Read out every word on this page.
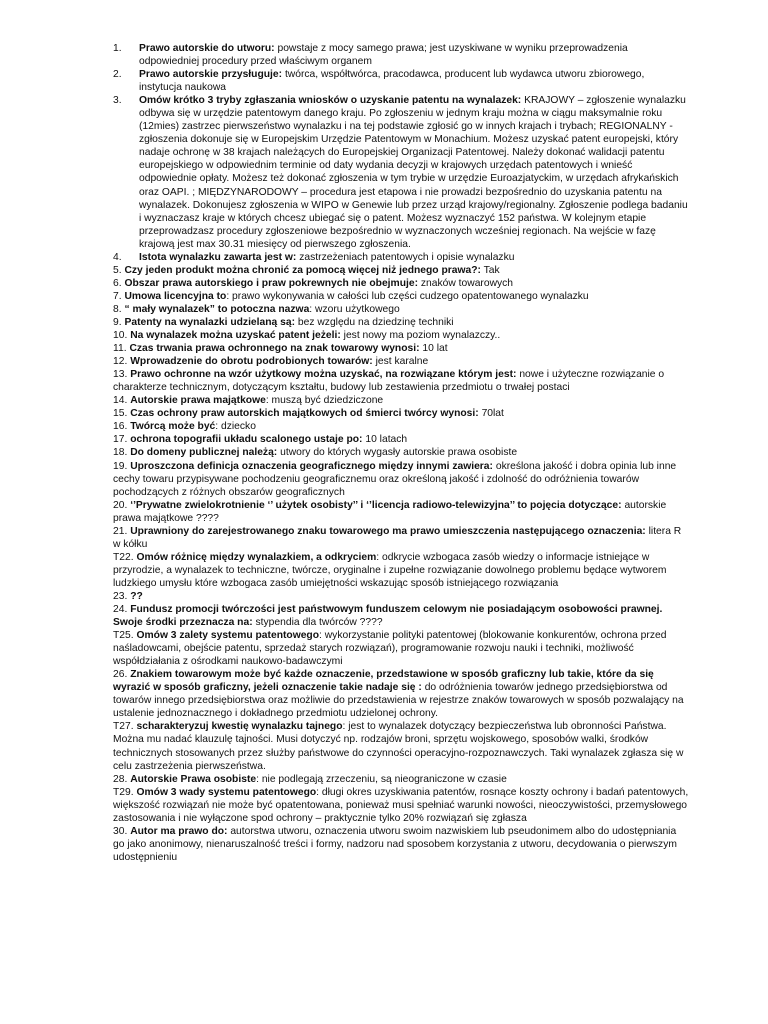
1. Prawo autorskie do utworu: powstaje z mocy samego prawa; jest uzyskiwane w wyniku przeprowadzenia odpowiedniej procedury przed właściwym organem

2. Prawo autorskie przysługuje: twórca, współtwórca, pracodawca, producent lub wydawca utworu zbiorowego, instytucja naukowa

3. Omów krótko 3 tryby zgłaszania wniosków o uzyskanie patentu na wynalazek: KRAJOWY – zgłoszenie wynalazku odbywa się w urzędzie patentowym danego kraju. Po zgłoszeniu w jednym kraju można w ciągu maksymalnie roku (12mies) zastrzec pierwszeństwo wynalazku i na tej podstawie zgłosić go w innych krajach i trybach; REGIONALNY - zgłoszenia dokonuje się w Europejskim Urzędzie Patentowym w Monachium. Możesz uzyskać patent europejski, który nadaje ochronę w 38 krajach należących do Europejskiej Organizacji Patentowej. Należy dokonać walidacji patentu europejskiego w odpowiednim terminie od daty wydania decyzji w krajowych urzędach patentowych i wnieść odpowiednie opłaty. Możesz też dokonać zgłoszenia w tym trybie w urzędzie Euroazjatyckim, w urzędach afrykańskich oraz OAPI. ; MIĘDZYNARODOWY – procedura jest etapowa i nie prowadzi bezpośrednio do uzyskania patentu na wynalazek. Dokonujesz zgłoszenia w WIPO w Genewie lub przez urząd krajowy/regionalny. Zgłoszenie podlega badaniu i wyznaczasz kraje w których chcesz ubiegać się o patent. Możesz wyznaczyć 152 państwa. W kolejnym etapie przeprowadzasz procedury zgłoszeniowe bezpośrednio w wyznaczonych wcześniej regionach. Na wejście w fazę krajową jest max 30.31 miesięcy od pierwszego zgłoszenia.

4. Istota wynalazku zawarta jest w: zastrzeżeniach patentowych i opisie wynalazku

5. Czy jeden produkt można chronić za pomocą więcej niż jednego prawa?: Tak

6. Obszar prawa autorskiego i praw pokrewnych nie obejmuje: znaków towarowych

7. Umowa licencyjna to: prawo wykonywania w całości lub części cudzego opatentowanego wynalazku

8. “ mały wynalazek” to potoczna nazwa: wzoru użytkowego

9. Patenty na wynalazki udzielaną są: bez względu na dziedzinę techniki

10. Na wynalazek można uzyskać patent jeżeli: jest nowy ma poziom wynalazczy..

11. Czas trwania prawa ochronnego na znak towarowy wynosi: 10 lat

12. Wprowadzenie do obrotu podrobionych towarów: jest karalne

13. Prawo ochronne na wzór użytkowy można uzyskać, na rozwiązane którym jest: nowe i użyteczne rozwiązanie o charakterze technicznym, dotyczącym kształtu, budowy lub zestawienia przedmiotu o trwałej postaci

14. Autorskie prawa majątkowe: muszą być dziedziczone

15. Czas ochrony praw autorskich majątkowych od śmierci twórcy wynosi: 70lat

16. Twórcą może być: dziecko

17. ochrona topografii układu scalonego ustaje po: 10 latach

18. Do domeny publicznej należą: utwory do których wygasły autorskie prawa osobiste

19. Uproszczona definicja oznaczenia geograficznego między innymi zawiera: określona jakość i dobra opinia lub inne cechy towaru przypisywane pochodzeniu geograficznemu oraz określoną jakość i zdolność do odróżnienia towarów pochodzących z różnych obszarów geograficznych

20. ‘’Prywatne zwielokrotnienie ‘’ użytek osobisty’’ i ‘’licencja radiowo-telewizyjna’’ to pojęcia dotyczące: autorskie prawa majątkowe ????

21. Uprawniony do zarejestrowanego znaku towarowego ma prawo umieszczenia następującego oznaczenia: litera R w kółku

T22. Omów różnicę między wynalazkiem, a odkryciem: odkrycie wzbogaca zasób wiedzy o informacje istniejące w przyrodzie, a wynalazek to techniczne, twórcze, oryginalne i zupełne rozwiązanie dowolnego problemu będące wytworem ludzkiego umysłu które wzbogaca zasób umiejętności wskazując sposób istniejącego rozwiązania

23. ??

24. Fundusz promocji twórczości jest państwowym funduszem celowym nie posiadającym osobowości prawnej. Swoje środki przeznacza na: stypendia dla twórców ????

T25. Omów 3 zalety systemu patentowego: wykorzystanie polityki patentowej (blokowanie konkurentów, ochrona przed naśladowcami, obejście patentu, sprzedaż starych rozwiązań), programowanie rozwoju nauki i techniki, możliwość współdziałania z ośrodkami naukowo-badawczymi

26. Znakiem towarowym może być każde oznaczenie, przedstawione w sposób graficzny lub takie, które da się wyrazić w sposób graficzny, jeżeli oznaczenie takie nadaje się : do odróżnienia towarów jednego przedsiębiorstwa od towarów innego przedsiębiorstwa oraz możliwie do przedstawienia w rejestrze znaków towarowych w sposób pozwalający na ustalenie jednoznacznego i dokładnego przedmiotu udzielonej ochrony.

T27. scharakteryzuj kwestię wynalazku tajnego: jest to wynalazek dotyczący bezpieczeństwa lub obronności Państwa. Można mu nadać klauzulę tajności. Musi dotyczyć np. rodzajów broni, sprzętu wojskowego, sposobów walki, środków technicznych stosowanych przez służby państwowe do czynności operacyjno-rozpoznawczych. Taki wynalazek zgłasza się w celu zastrzeżenia pierwszeństwa.

28. Autorskie Prawa osobiste: nie podlegają zrzeczeniu, są nieograniczone w czasie

T29. Omów 3 wady systemu patentowego: długi okres uzyskiwania patentów, rosnące koszty ochrony i badań patentowych, większość rozwiązań nie może być opatentowana, ponieważ musi spełniać warunki nowości, nieoczywistości, przemysłowego zastosowania i nie wyłączone spod ochrony – praktycznie tylko 20% rozwiązań się zgłasza

30. Autor ma prawo do: autorstwa utworu, oznaczenia utworu swoim nazwiskiem lub pseudonimem albo do udostępniania go jako anonimowy, nienaruszalność treści i formy, nadzoru nad sposobem korzystania z utworu, decydowania o pierwszym udostępnieniu
